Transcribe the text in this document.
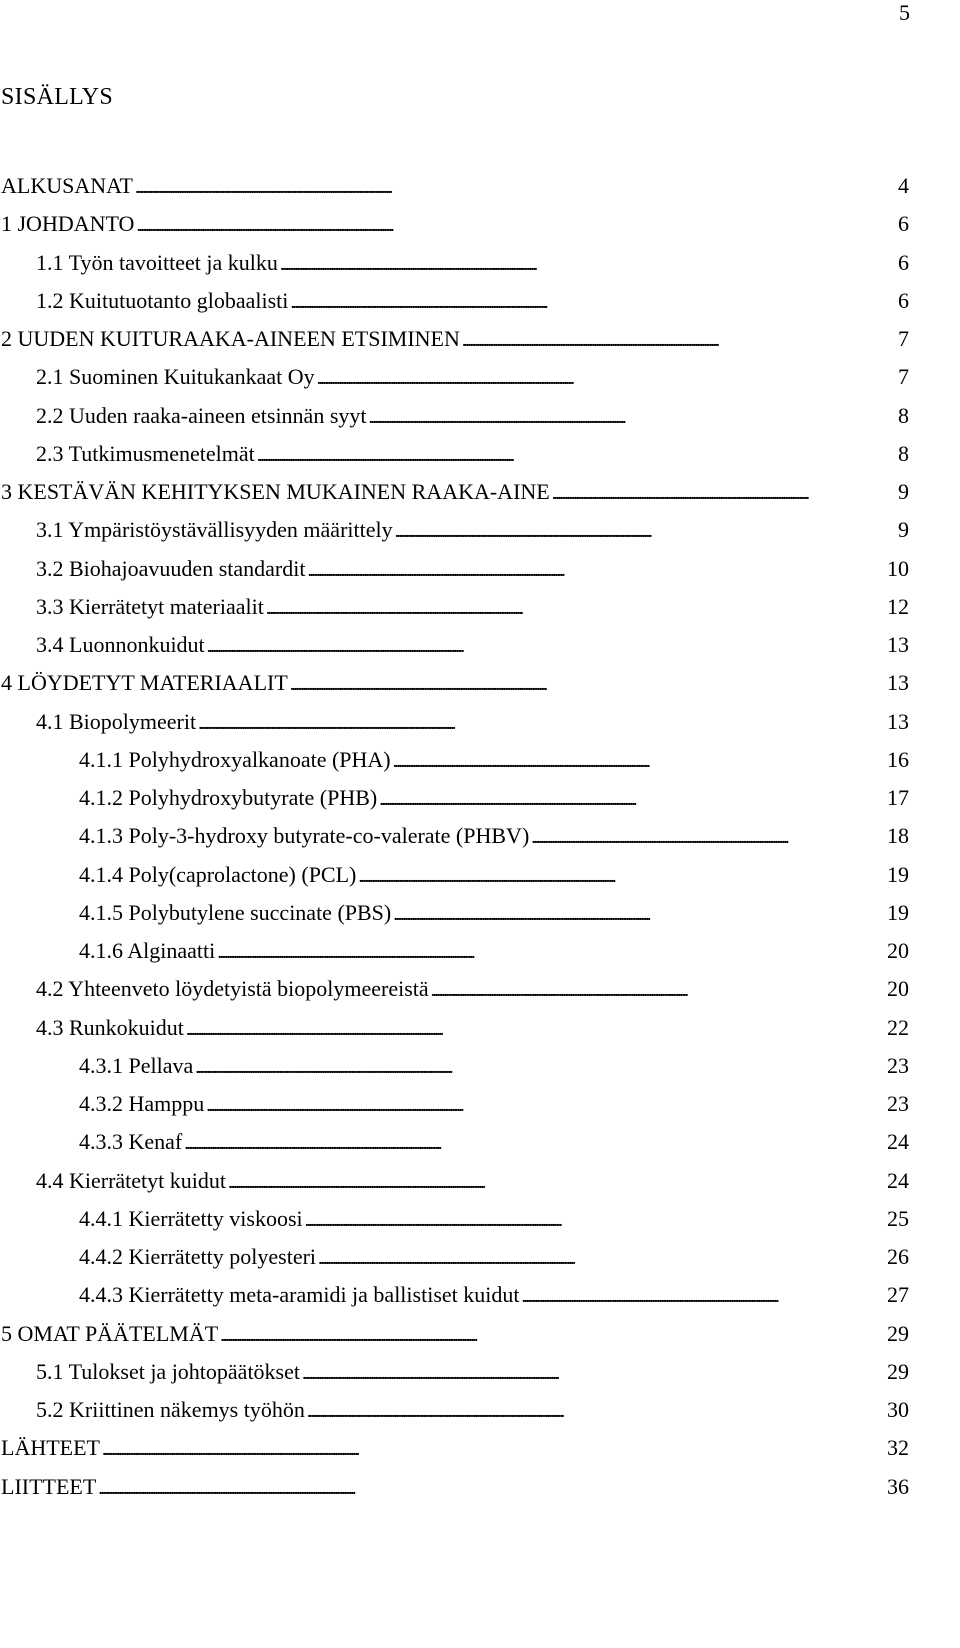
5
SISÄLLYS
ALKUSANAT . . .	4
1 JOHDANTO . . .	6
1.1 Työn tavoitteet ja kulku . . .	6
1.2 Kuitutuotanto globaalisti . . .	6
2 UUDEN KUITURAAKA-AINEEN ETSIMINEN . . .	7
2.1 Suominen Kuitukankaat Oy . . .	7
2.2 Uuden raaka-aineen etsinnän syyt . . .	8
2.3 Tutkimusmenetelmät . . .	8
3 KESTÄVÄN KEHITYKSEN MUKAINEN RAAKA-AINE . . .	9
3.1 Ympäristöystävällisyyden määrittely . . .	9
3.2 Biohajoavuuden standardit . . .	10
3.3 Kierrätetyt materiaalit . . .	12
3.4 Luonnonkuidut . . .	13
4 LÖYDETYT MATERIAALIT . . .	13
4.1 Biopolymeerit . . .	13
4.1.1 Polyhydroxyalkanoate (PHA) . . .	16
4.1.2 Polyhydroxybutyrate (PHB) . . .	17
4.1.3 Poly-3-hydroxy butyrate-co-valerate (PHBV) . . .	18
4.1.4 Poly(caprolactone) (PCL) . . .	19
4.1.5 Polybutylene succinate (PBS) . . .	19
4.1.6 Alginaatti . . .	20
4.2 Yhteenveto löydetyistä biopolymeereistä . . .	20
4.3 Runkokuidut . . .	22
4.3.1 Pellava . . .	23
4.3.2 Hamppu . . .	23
4.3.3 Kenaf . . .	24
4.4 Kierrätetyt kuidut . . .	24
4.4.1 Kierrätetty viskoosi . . .	25
4.4.2 Kierrätetty polyesteri . . .	26
4.4.3 Kierrätetty meta-aramidi ja ballistiset kuidut . . .	27
5 OMAT PÄÄTELMÄT . . .	29
5.1 Tulokset ja johtopäätökset . . .	29
5.2 Kriittinen näkemys työhön . . .	30
LÄHTEET . . .	32
LIITTEET . . .	36
